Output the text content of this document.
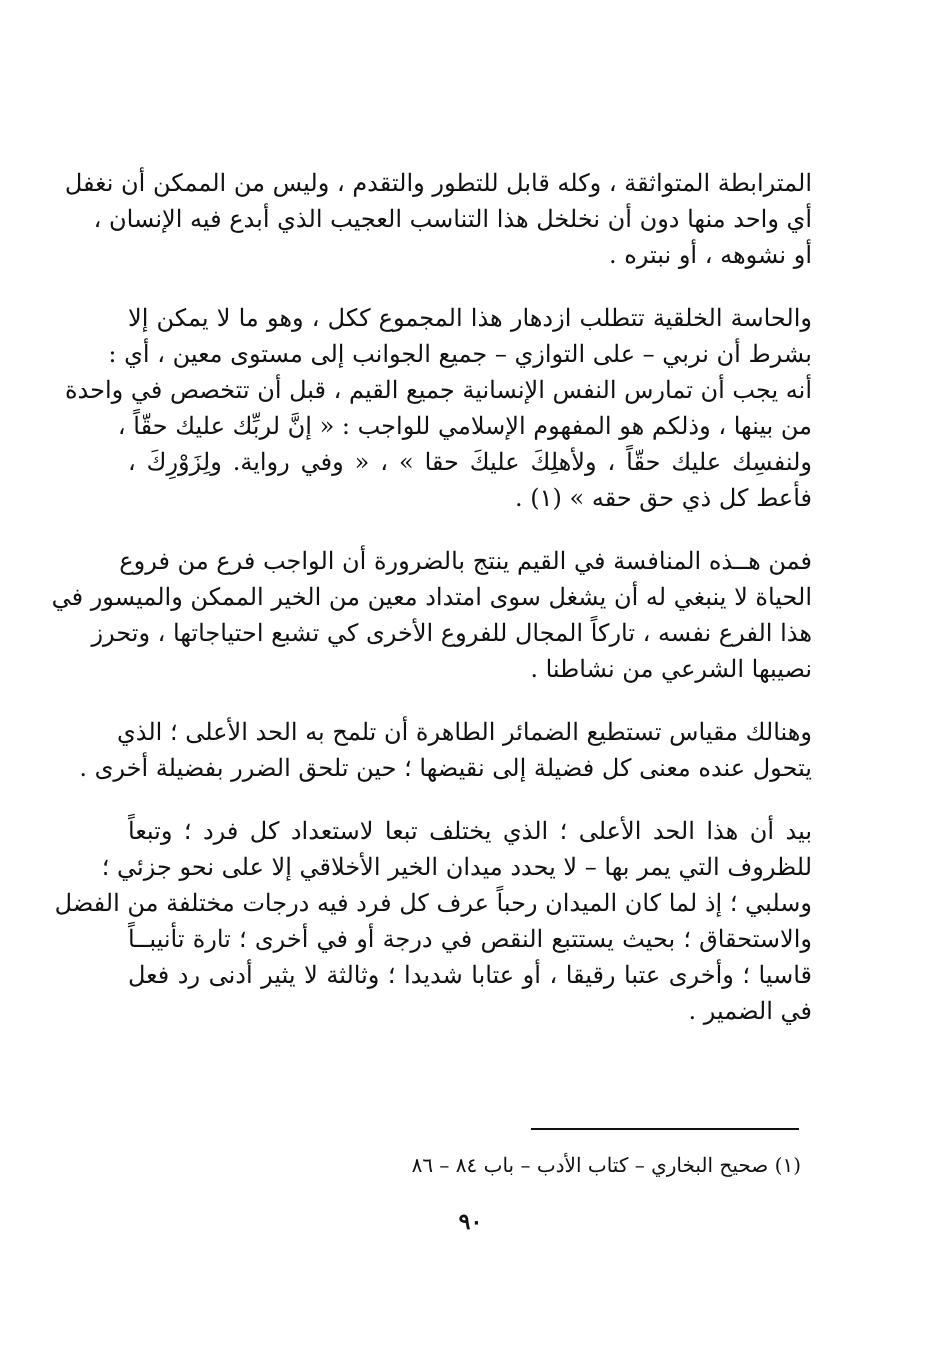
المترابطة المتواثقة ، وكله قابل للتطور والتقدم ، وليس من الممكن أن نغفل
أي واحد منها دون أن نخلخل هذا التناسب العجيب الذي أبدع فيه الإنسان ،
أو نشوهه ، أو نبتره .
والحاسة الخلقية تتطلب ازدهار هذا المجموع ككل ، وهو ما لا يمكن إلا
بشرط أن نربي – على التوازي – جميع الجوانب إلى مستوى معين ، أي :
أنه يجب أن تمارس النفس الإنسانية جميع القيم ، قبل أن تتخصص في واحدة
من بينها ، وذلكم هو المفهوم الإسلامي للواجب : « إنَّ لربِّك عليك حقّاً ،
ولنفسِك عليك حقّاً ، ولأهلِكَ عليكَ حقا » ، « وفي رواية. ولِزَوْرِكَ ،
فأعط كل ذي حق حقه » (١) .
فمن هــذه المنافسة في القيم ينتج بالضرورة أن الواجب فرع من فروع
الحياة لا ينبغي له أن يشغل سوى امتداد معين من الخير الممكن والميسور في
هذا الفرع نفسه ، تاركاً المجال للفروع الأخرى كي تشبع احتياجاتها ، وتحرز
نصيبها الشرعي من نشاطنا .
وهنالك مقياس تستطيع الضمائر الطاهرة أن تلمح به الحد الأعلى ؛ الذي
يتحول عنده معنى كل فضيلة إلى نقيضها ؛ حين تلحق الضرر بفضيلة أخرى .
بيد أن هذا الحد الأعلى ؛ الذي يختلف تبعا لاستعداد كل فرد ؛ وتبعاً
للظروف التي يمر بها – لا يحدد ميدان الخير الأخلاقي إلا على نحو جزئي ؛
وسلبي ؛ إذ لما كان الميدان رحباً عرف كل فرد فيه درجات مختلفة من الفضل
والاستحقاق ؛ بحيث يستتبع النقص في درجة أو في أخرى ؛ تارة تأنيبــاً
قاسيا ؛ وأخرى عتبا رقيقا ، أو عتابا شديدا ؛ وثالثة لا يثير أدنى رد فعل
في الضمير .
(١) صحيح البخاري – كتاب الأدب – باب ٨٤ – ٨٦
٩٠
